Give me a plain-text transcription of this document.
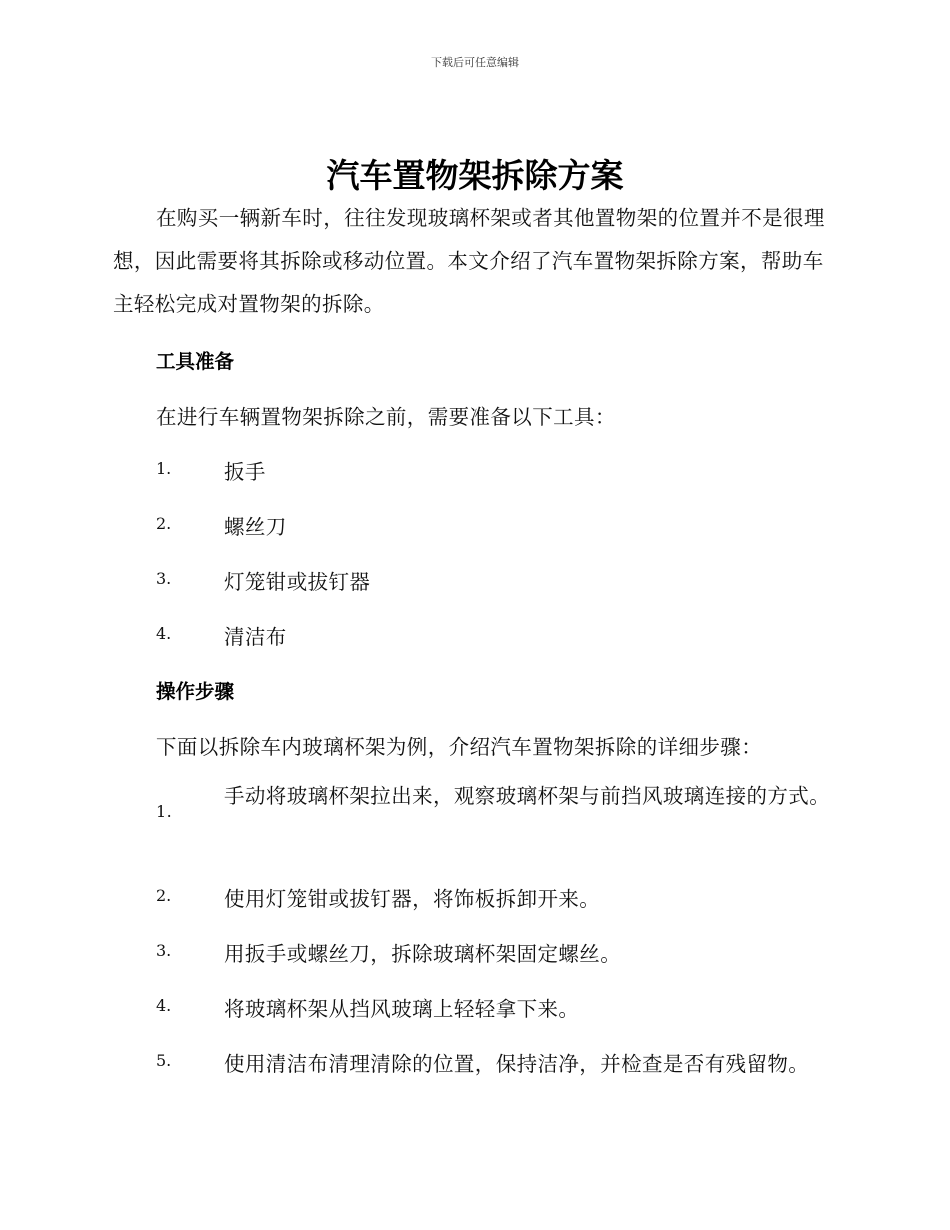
下载后可任意编辑
汽车置物架拆除方案
在购买一辆新车时，往往发现玻璃杯架或者其他置物架的位置并不是很理想，因此需要将其拆除或移动位置。本文介绍了汽车置物架拆除方案，帮助车主轻松完成对置物架的拆除。
工具准备
在进行车辆置物架拆除之前，需要准备以下工具：
1.	扳手
2.	螺丝刀
3.	灯笼钳或拔钉器
4.	清洁布
操作步骤
下面以拆除车内玻璃杯架为例，介绍汽车置物架拆除的详细步骤：
1.
手动将玻璃杯架拉出来，观察玻璃杯架与前挡风玻璃连接的方式。
2.	使用灯笼钳或拔钉器，将饰板拆卸开来。
3.	用扳手或螺丝刀，拆除玻璃杯架固定螺丝。
4.	将玻璃杯架从挡风玻璃上轻轻拿下来。
5.	使用清洁布清理清除的位置，保持洁净，并检查是否有残留物。
